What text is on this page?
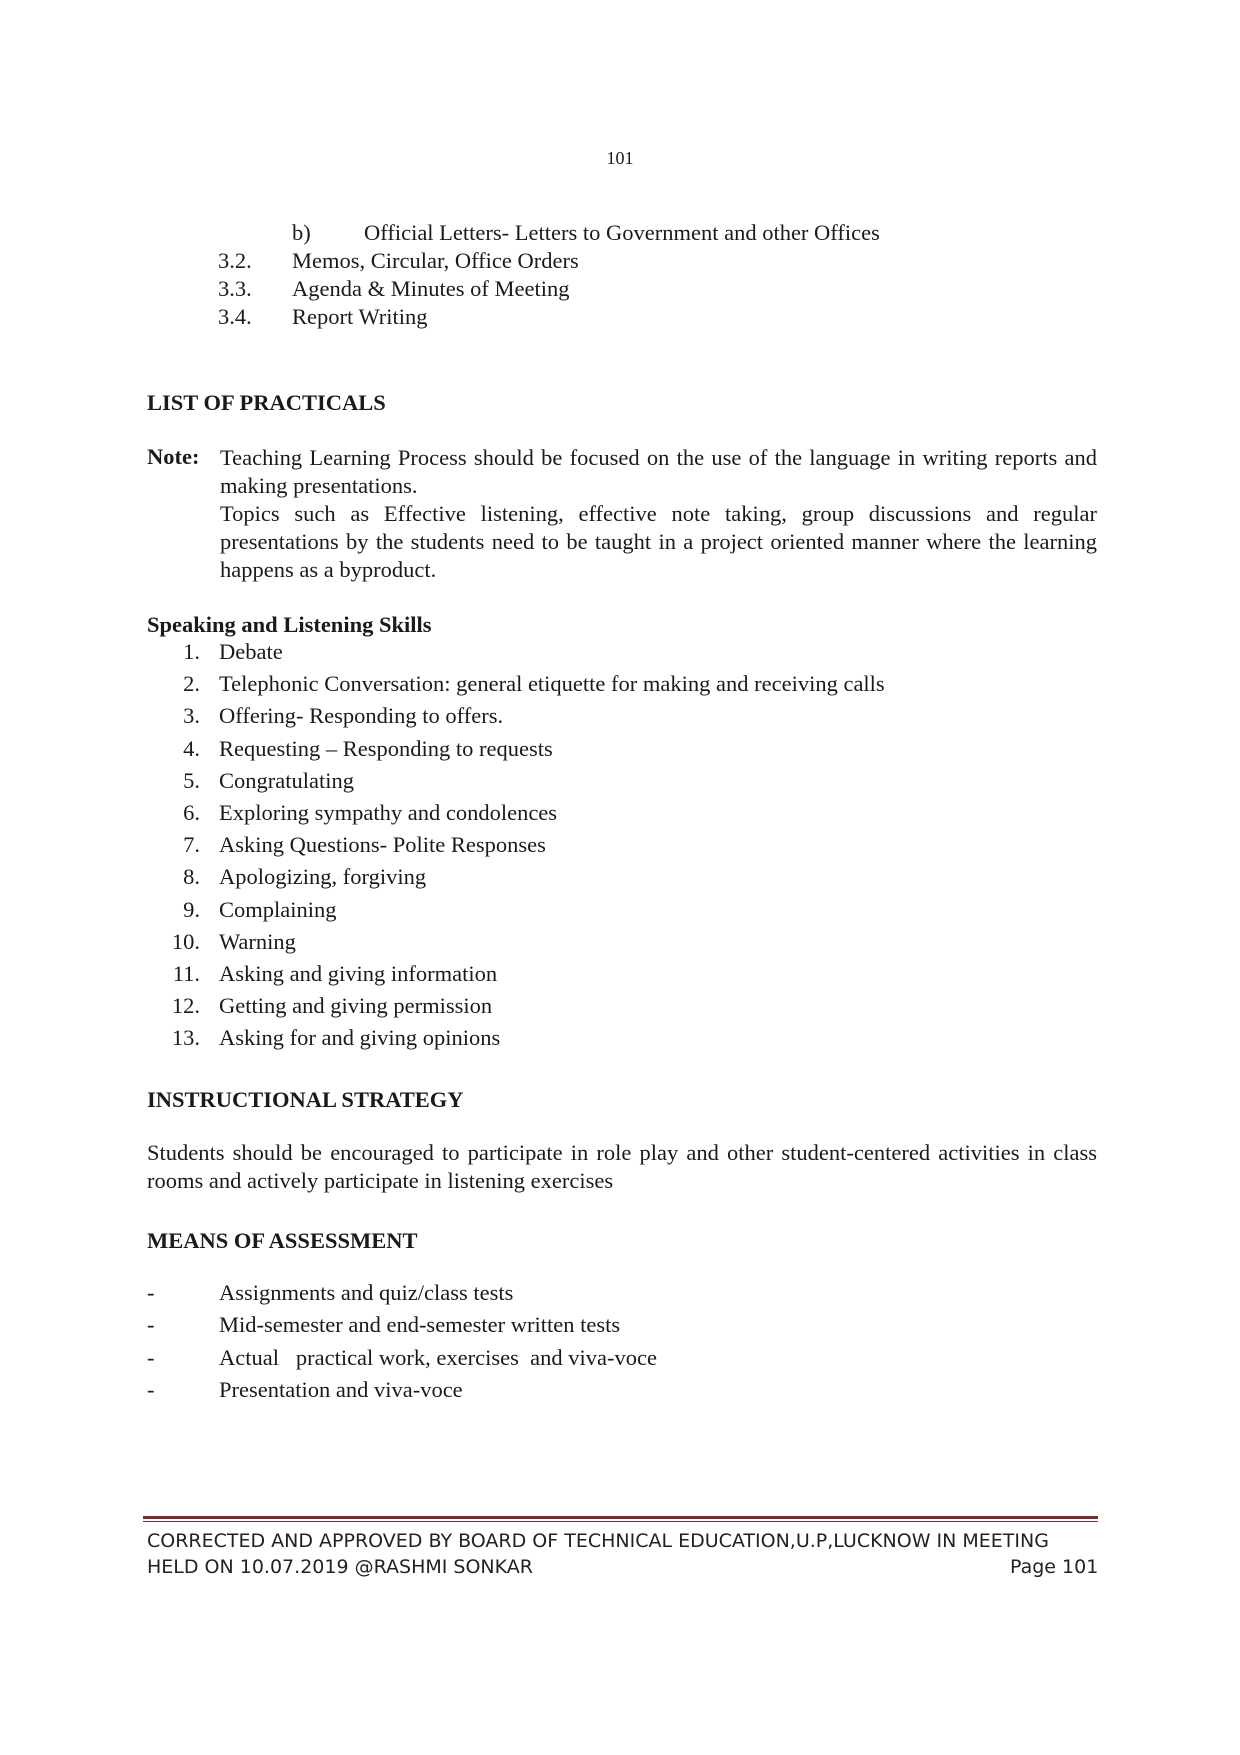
101
b) Official Letters- Letters to Government and other Offices
3.2. Memos, Circular, Office Orders
3.3. Agenda & Minutes of Meeting
3.4. Report Writing
LIST OF PRACTICALS
Note: Teaching Learning Process should be focused on the use of the language in writing reports and making presentations.

Topics such as Effective listening, effective note taking, group discussions and regular presentations by the students need to be taught in a project oriented manner where the learning happens as a byproduct.

Speaking and Listening Skills
1. Debate
2. Telephonic Conversation: general etiquette for making and receiving calls
3. Offering- Responding to offers.
4. Requesting – Responding to requests
5. Congratulating
6. Exploring sympathy and condolences
7. Asking Questions- Polite Responses
8. Apologizing, forgiving
9. Complaining
10. Warning
11. Asking and giving information
12. Getting and giving permission
13. Asking for and giving opinions
INSTRUCTIONAL STRATEGY
Students should be encouraged to participate in role play and other student-centered activities in class rooms and actively participate in listening exercises
MEANS OF ASSESSMENT
-	Assignments and quiz/class tests
-	Mid-semester and end-semester written tests
-	Actual   practical work, exercises  and viva-voce
-	Presentation and viva-voce
CORRECTED AND APPROVED BY BOARD OF TECHNICAL EDUCATION,U.P,LUCKNOW IN MEETING
HELD ON 10.07.2019 @RASHMI SONKAR	Page 101
